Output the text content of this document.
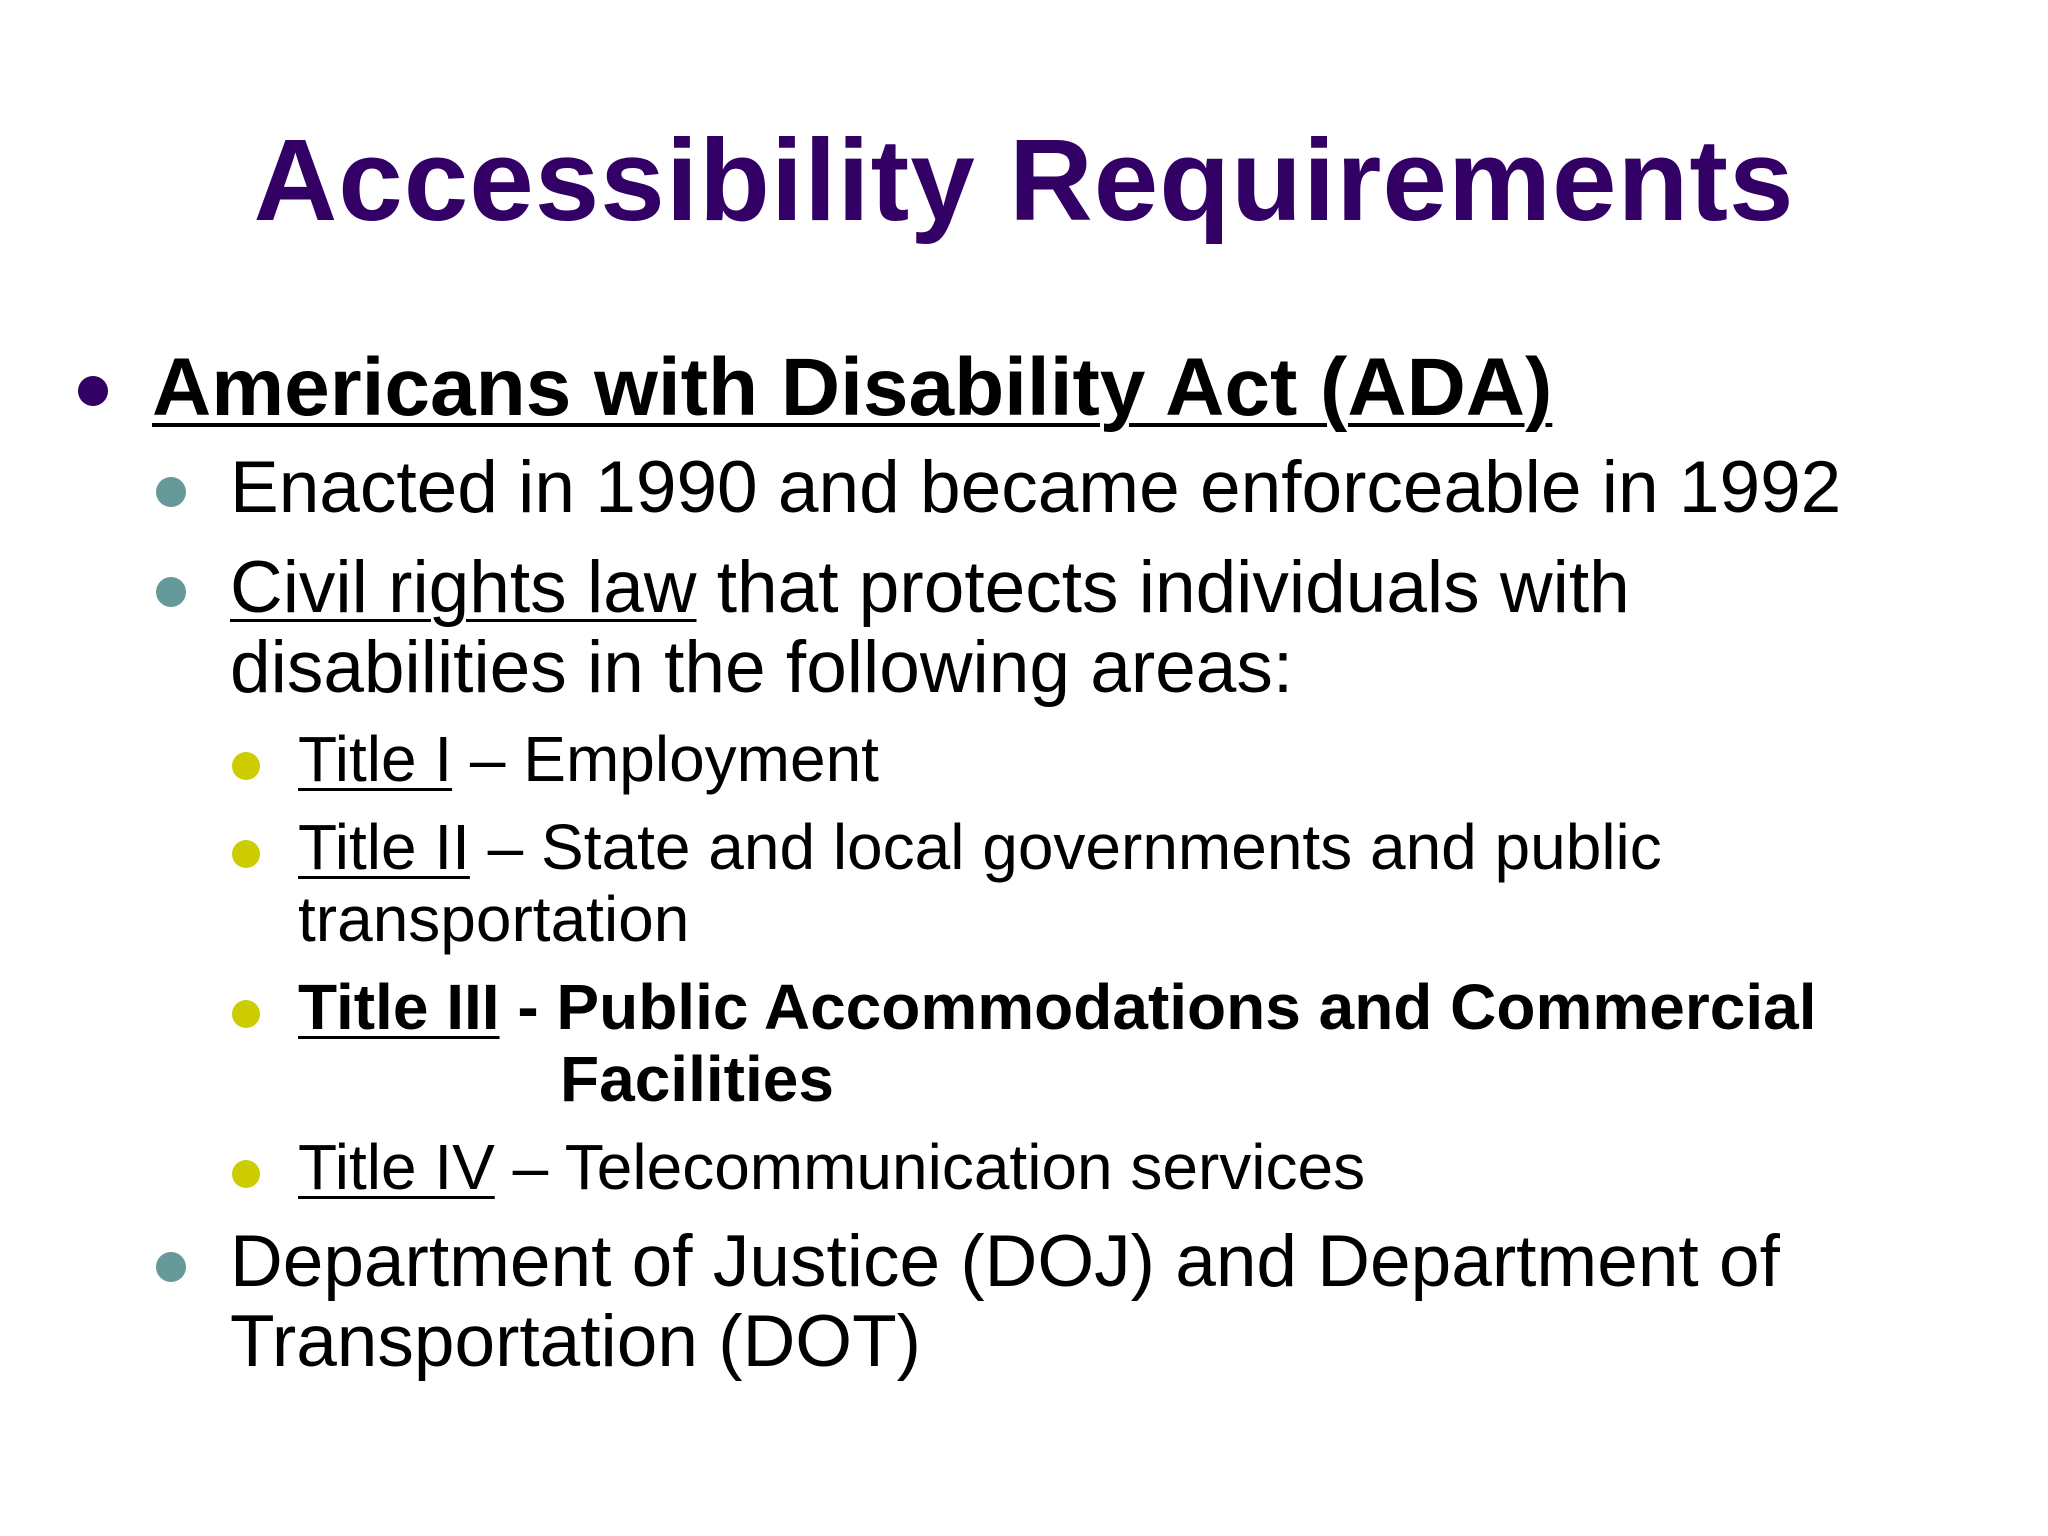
Accessibility Requirements
Americans with Disability Act (ADA)
Enacted in 1990 and became enforceable in 1992
Civil rights law that protects individuals with
disabilities in the following areas:
Title I – Employment
Title II – State and local governments and public
transportation
Title III - Public Accommodations and Commercial
Facilities
Title IV – Telecommunication services
Department of Justice (DOJ) and Department of
Transportation (DOT)
